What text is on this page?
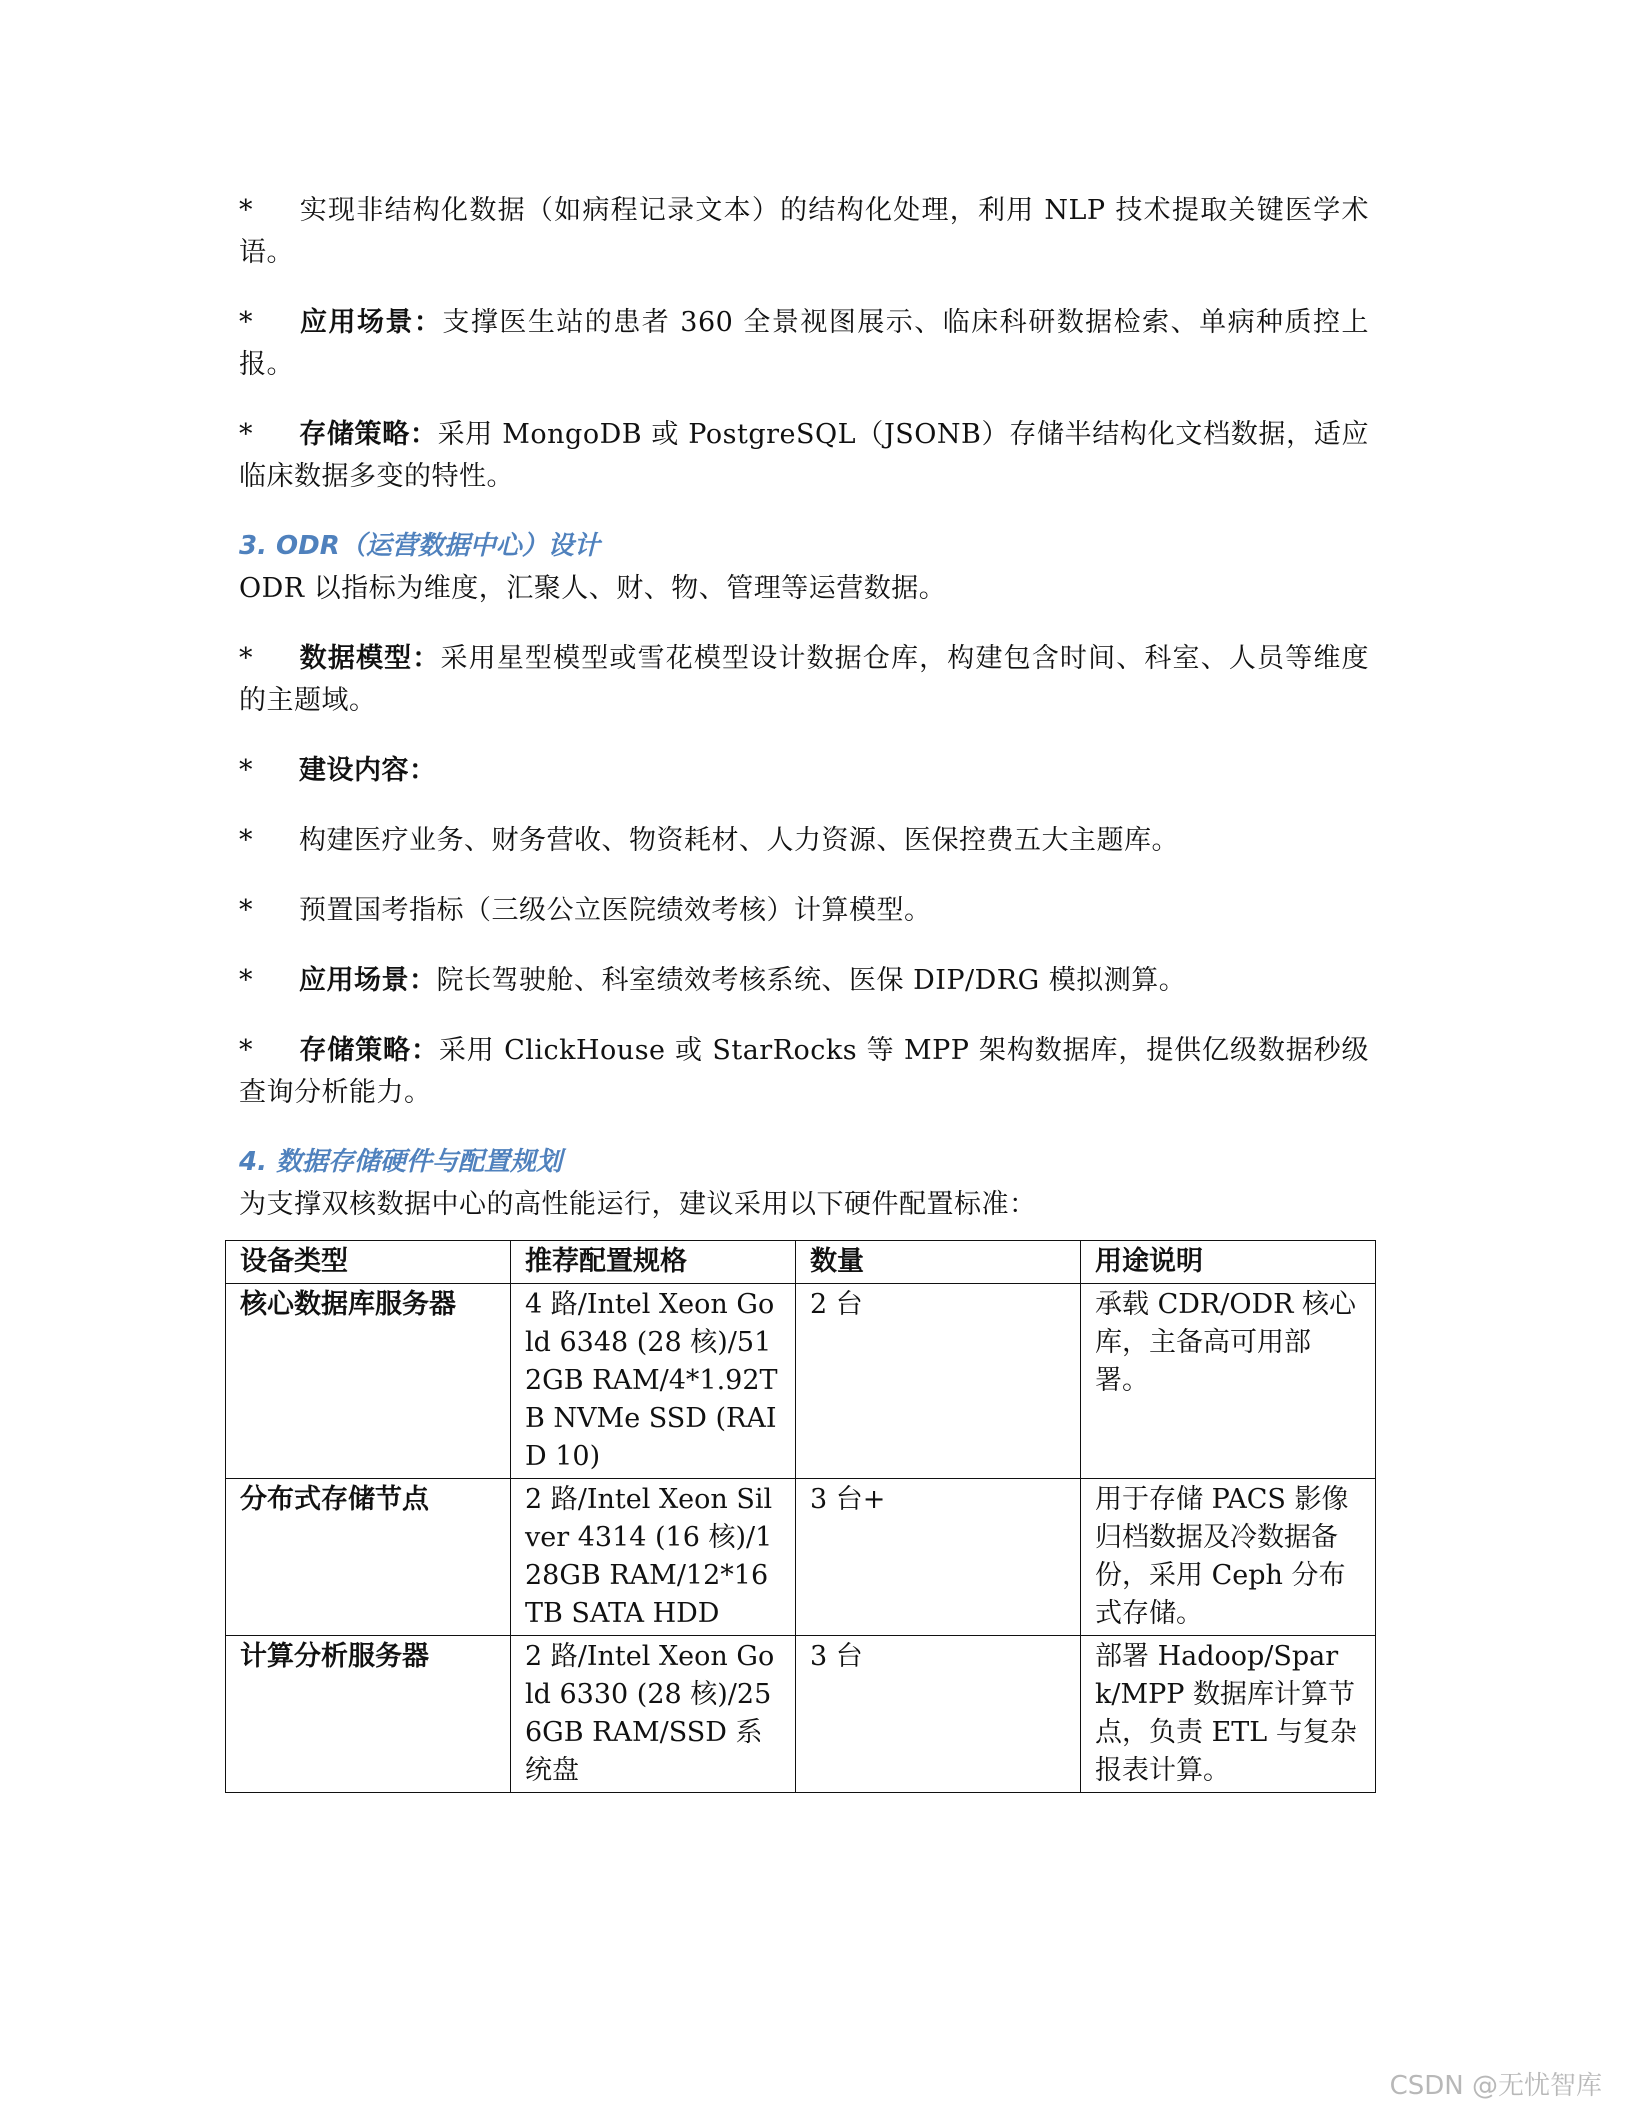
* 实现非结构化数据（如病程记录文本）的结构化处理，利用 NLP 技术提取关键医学术语。

* 应用场景：支撑医生站的患者 360 全景视图展示、临床科研数据检索、单病种质控上报。

* 存储策略：采用 MongoDB 或 PostgreSQL（JSONB）存储半结构化文档数据，适应临床数据多变的特性。

3. ODR（运营数据中心）设计

ODR 以指标为维度，汇聚人、财、物、管理等运营数据。

* 数据模型：采用星型模型或雪花模型设计数据仓库，构建包含时间、科室、人员等维度的主题域。

* 建设内容：

* 构建医疗业务、财务营收、物资耗材、人力资源、医保控费五大主题库。

* 预置国考指标（三级公立医院绩效考核）计算模型。

* 应用场景：院长驾驶舱、科室绩效考核系统、医保 DIP/DRG 模拟测算。

* 存储策略：采用 ClickHouse 或 StarRocks 等 MPP 架构数据库，提供亿级数据秒级查询分析能力。

4. 数据存储硬件与配置规划

为支撑双核数据中心的高性能运行，建议采用以下硬件配置标准：

设备类型	推荐配置规格	数量	用途说明
核心数据库服务器	4 路/Intel Xeon Gold 6348 (28 核)/512GB RAM/4*1.92TB NVMe SSD (RAID 10)	2 台	承载 CDR/ODR 核心库，主备高可用部署。
分布式存储节点	2 路/Intel Xeon Silver 4314 (16 核)/128GB RAM/12*16TB SATA HDD	3 台+	用于存储 PACS 影像归档数据及冷数据备份，采用 Ceph 分布式存储。
计算分析服务器	2 路/Intel Xeon Gold 6330 (28 核)/256GB RAM/SSD 系统盘	3 台	部署 Hadoop/Spark/MPP 数据库计算节点，负责 ETL 与复杂报表计算。
CSDN @无忧智库
